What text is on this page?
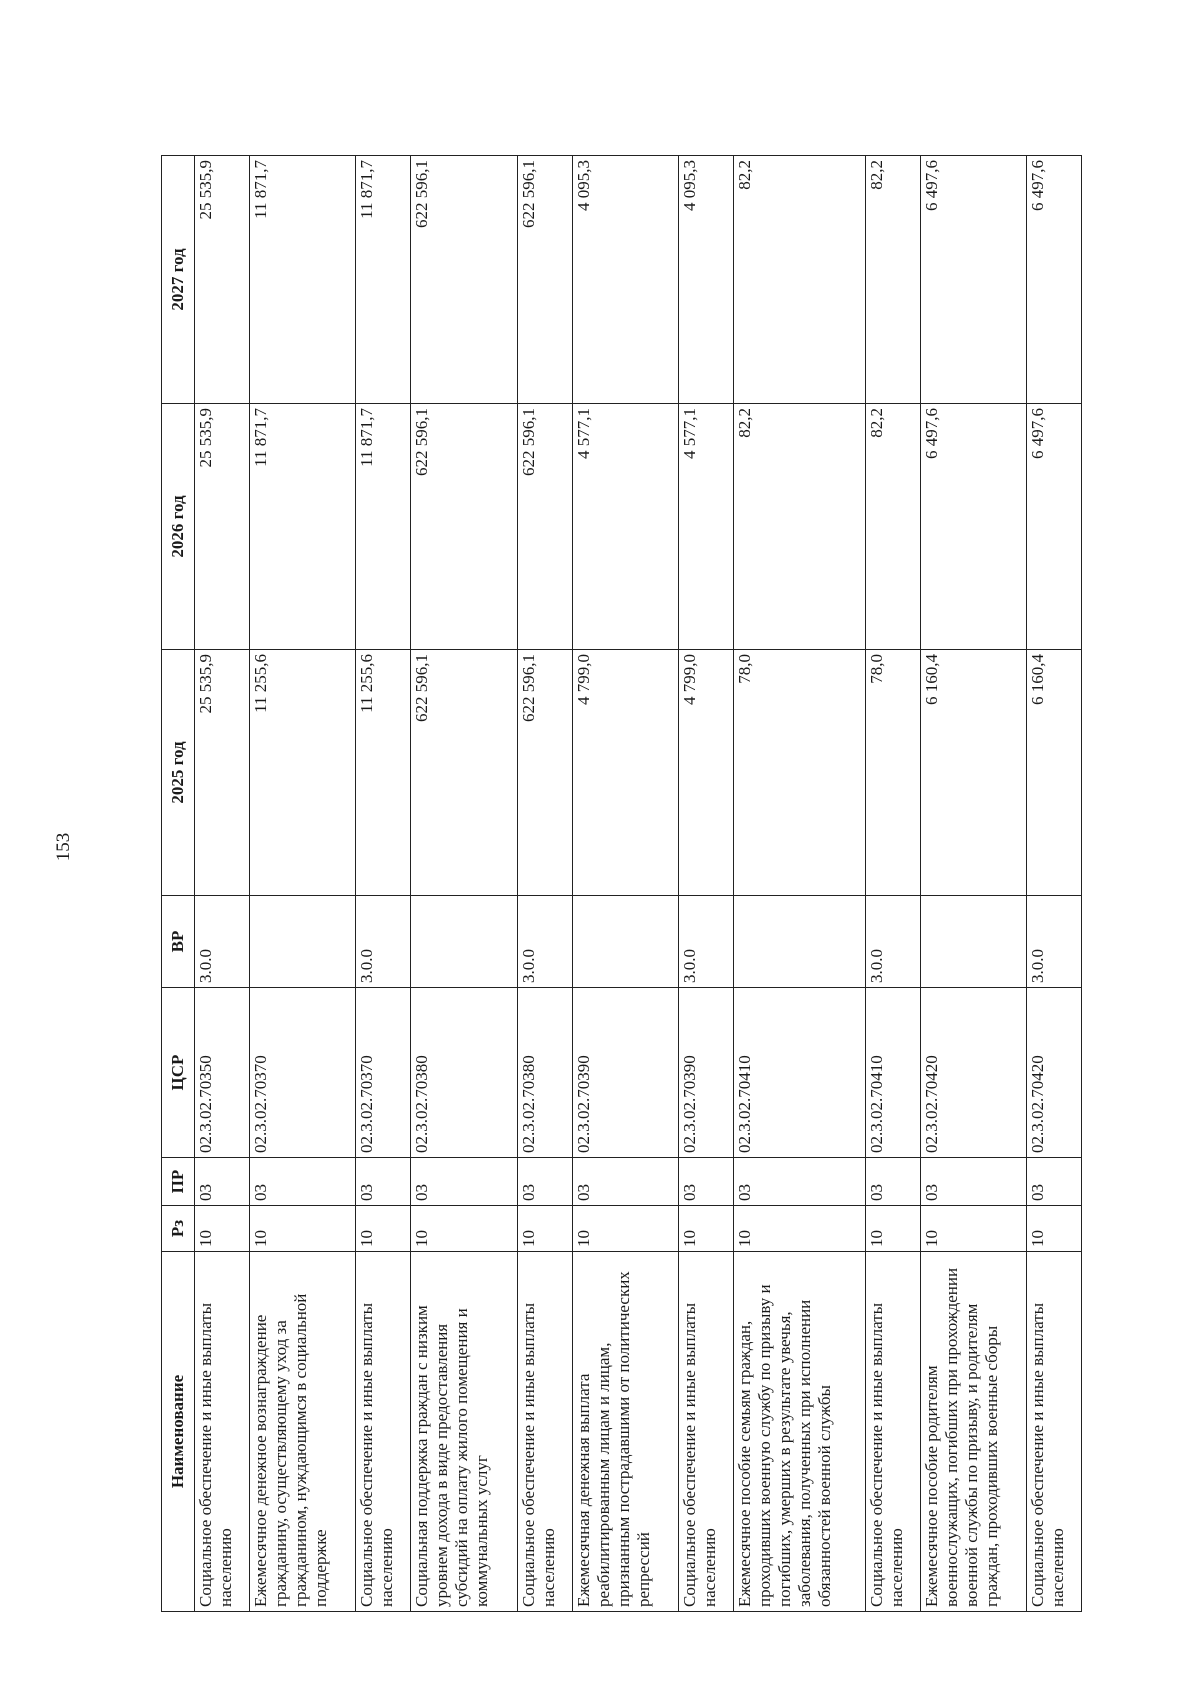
153
Наименование	Рз	ПР	ЦСР	ВР	2025 год	2026 год	2027 год
Социальное обеспечение и иные выплаты населению	10	03	02.3.02.70350	3.0.0	25 535,9	25 535,9	25 535,9
Ежемесячное денежное вознаграждение гражданину, осуществляющему уход за гражданином, нуждающимся в социальной поддержке	10	03	02.3.02.70370		11 255,6	11 871,7	11 871,7
Социальное обеспечение и иные выплаты населению	10	03	02.3.02.70370	3.0.0	11 255,6	11 871,7	11 871,7
Социальная поддержка граждан с низким уровнем дохода в виде предоставления субсидий на оплату жилого помещения и коммунальных услуг	10	03	02.3.02.70380		622 596,1	622 596,1	622 596,1
Социальное обеспечение и иные выплаты населению	10	03	02.3.02.70380	3.0.0	622 596,1	622 596,1	622 596,1
Ежемесячная денежная выплата реабилитированным лицам и лицам, признанным пострадавшими от политических репрессий	10	03	02.3.02.70390		4 799,0	4 577,1	4 095,3
Социальное обеспечение и иные выплаты населению	10	03	02.3.02.70390	3.0.0	4 799,0	4 577,1	4 095,3
Ежемесячное пособие семьям граждан, проходивших военную службу по призыву и погибших, умерших в результате увечья, заболевания, полученных при исполнении обязанностей военной службы	10	03	02.3.02.70410		78,0	82,2	82,2
Социальное обеспечение и иные выплаты населению	10	03	02.3.02.70410	3.0.0	78,0	82,2	82,2
Ежемесячное пособие родителям военнослужащих, погибших при прохождении военной службы по призыву, и родителям граждан, проходивших военные сборы	10	03	02.3.02.70420		6 160,4	6 497,6	6 497,6
Социальное обеспечение и иные выплаты населению	10	03	02.3.02.70420	3.0.0	6 160,4	6 497,6	6 497,6
